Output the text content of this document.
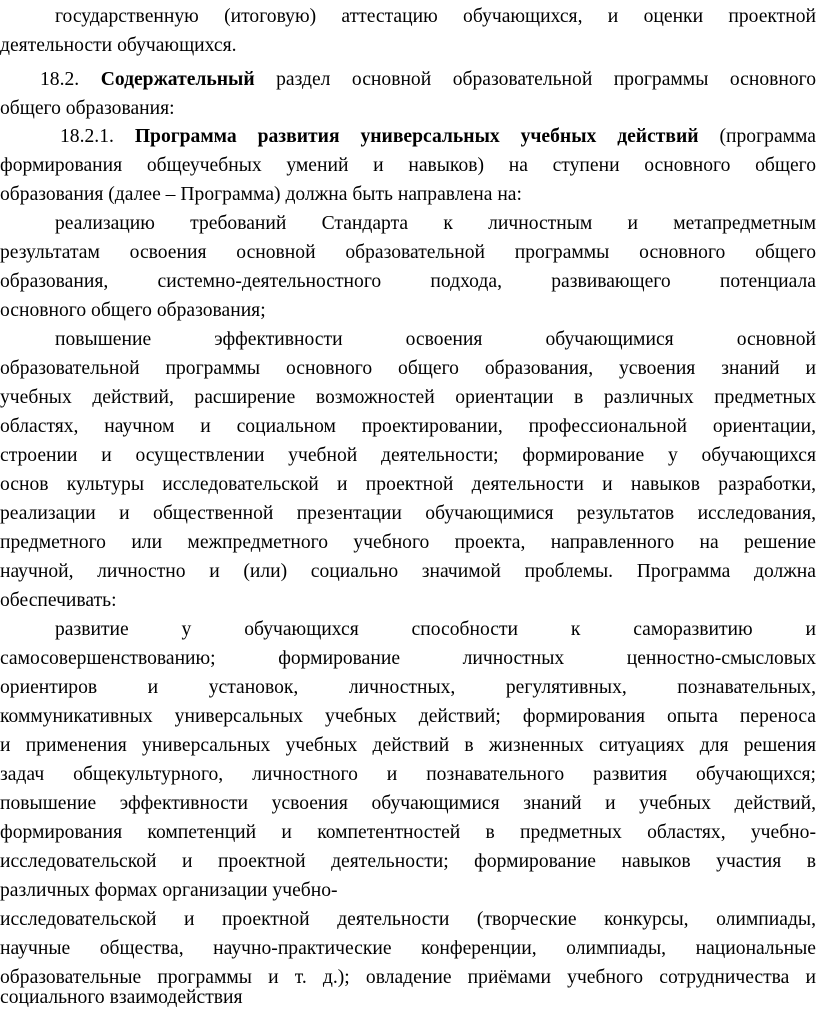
государственную (итоговую) аттестацию обучающихся, и оценки проектной
деятельности обучающихся.
18.2. Содержательный раздел основной образовательной программы основного
общего образования:
18.2.1. Программа развития универсальных учебных действий (программа
формирования общеучебных умений и навыков) на ступени основного общего
образования (далее – Программа) должна быть направлена на:
реализацию требований Стандарта к личностным и метапредметным
результатам освоения основной образовательной программы основного общего
образования, системно-деятельностного подхода, развивающего потенциала
основного общего образования;
повышение эффективности освоения обучающимися основной
образовательной программы основного общего образования, усвоения знаний и
учебных действий, расширение возможностей ориентации в различных предметных
областях, научном и социальном проектировании, профессиональной ориентации,
строении и осуществлении учебной деятельности; формирование у обучающихся
основ культуры исследовательской и проектной деятельности и навыков разработки,
реализации и общественной презентации обучающимися результатов исследования,
предметного или межпредметного учебного проекта, направленного на решение
научной, личностно и (или) социально значимой проблемы. Программа должна
обеспечивать:
развитие у обучающихся способности к саморазвитию и
самосовершенствованию; формирование личностных ценностно-смысловых
ориентиров и установок, личностных, регулятивных, познавательных,
коммуникативных универсальных учебных действий; формирования опыта переноса
и применения универсальных учебных действий в жизненных ситуациях для решения
задач общекультурного, личностного и познавательного развития обучающихся;
повышение эффективности усвоения обучающимися знаний и учебных действий,
формирования компетенций и компетентностей в предметных областях, учебно-
исследовательской и проектной деятельности; формирование навыков участия в
различных формах организации учебно-
исследовательской и проектной деятельности (творческие конкурсы, олимпиады,
научные общества, научно-практические конференции, олимпиады, национальные
образовательные программы и т. д.); овладение приёмами учебного сотрудничества и
социального взаимодействия
